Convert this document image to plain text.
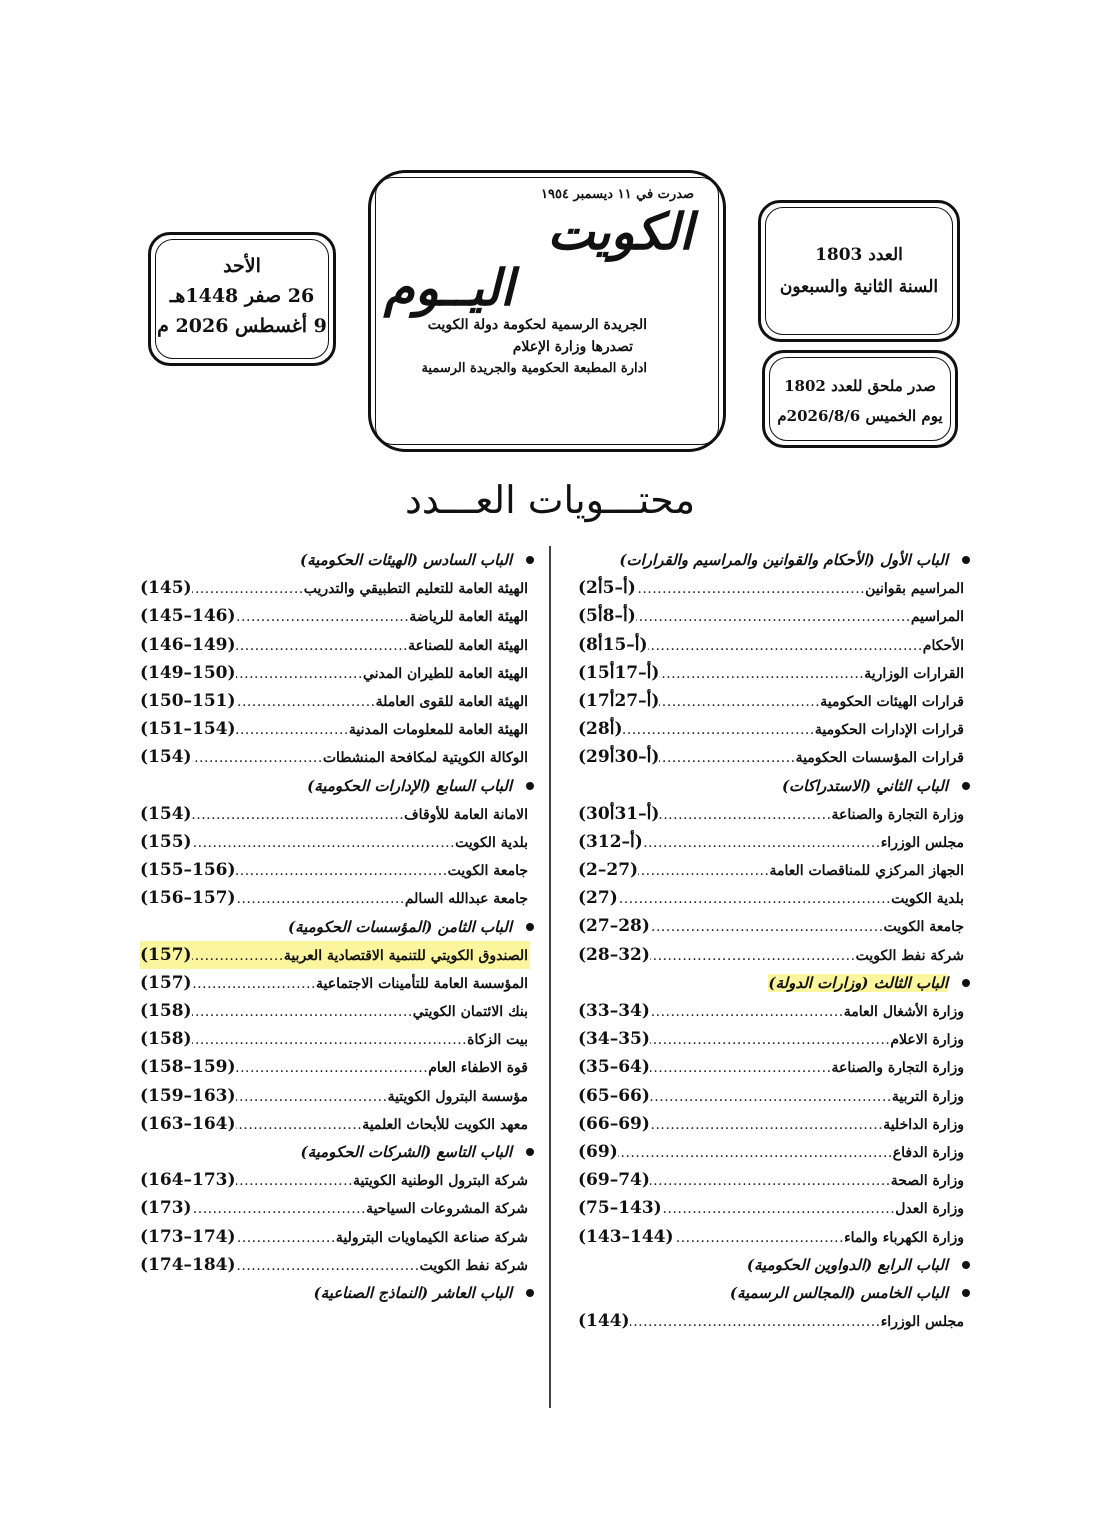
الأحد
26 صفر 1448هـ
9 أغسطس 2026 م
صدرت في ١١ ديسمبر ١٩٥٤
الكويت
اليــوم
الجريدة الرسمية لحكومة دولة الكويت
تصدرها وزارة الإعلام
ادارة المطبعة الحكومية والجريدة الرسمية
العدد 1803
السنة الثانية والسبعون
صدر ملحق للعدد 1802
يوم الخميس 2026/8/6م
محتـــويات العـــدد
الباب الأول (الأحكام والقوانين والمراسيم والقرارات)
المراسيم بقوانين
.....
(2أ–5أ)
المراسيم
.....
(5أ–8أ)
الأحكام
.....
(8أ–15أ)
القرارات الوزارية
.....
(15أ–17أ)
قرارات الهيئات الحكومية
.....
(17أ–27أ)
قرارات الإدارات الحكومية
.....
(28أ)
قرارات المؤسسات الحكومية
.....
(29أ–30أ)
الباب الثاني (الاستدراكات)
وزارة التجارة والصناعة
.....
(30أ–31أ)
مجلس الوزراء
.....
(31أ–2)
الجهاز المركزي للمناقصات العامة
.....
(2–27)
بلدية الكويت
.....
(27)
جامعة الكويت
.....
(27–28)
شركة نفط الكويت
.....
(28–32)
الباب الثالث (وزارات الدولة)
وزارة الأشغال العامة
.....
(33–34)
وزارة الاعلام
.....
(34–35)
وزارة التجارة والصناعة
.....
(35–64)
وزارة التربية
.....
(65–66)
وزارة الداخلية
.....
(66–69)
وزارة الدفاع
.....
(69)
وزارة الصحة
.....
(69–74)
وزارة العدل
.....
(75–143)
وزارة الكهرباء والماء
.....
(143–144)
الباب الرابع (الدواوين الحكومية)
الباب الخامس (المجالس الرسمية)
مجلس الوزراء
.....
(144)
الباب السادس (الهيئات الحكومية)
الهيئة العامة للتعليم التطبيقي والتدريب
.....
(145)
الهيئة العامة للرياضة
.....
(145–146)
الهيئة العامة للصناعة
.....
(146–149)
الهيئة العامة للطيران المدني
.....
(149–150)
الهيئة العامة للقوى العاملة
.....
(150–151)
الهيئة العامة للمعلومات المدنية
.....
(151–154)
الوكالة الكويتية لمكافحة المنشطات
.....
(154)
الباب السابع (الإدارات الحكومية)
الامانة العامة للأوقاف
.....
(154)
بلدية الكويت
.....
(155)
جامعة الكويت
.....
(155–156)
جامعة عبدالله السالم
.....
(156–157)
الباب الثامن (المؤسسات الحكومية)
الصندوق الكويتي للتنمية الاقتصادية العربية
.....
(157)
المؤسسة العامة للتأمينات الاجتماعية
.....
(157)
بنك الائتمان الكويتي
.....
(158)
بيت الزكاة
.....
(158)
قوة الاطفاء العام
.....
(158–159)
مؤسسة البترول الكويتية
.....
(159–163)
معهد الكويت للأبحاث العلمية
.....
(163–164)
الباب التاسع (الشركات الحكومية)
شركة البترول الوطنية الكويتية
.....
(164–173)
شركة المشروعات السياحية
.....
(173)
شركة صناعة الكيماويات البترولية
.....
(173–174)
شركة نفط الكويت
.....
(174–184)
الباب العاشر (النماذج الصناعية)
